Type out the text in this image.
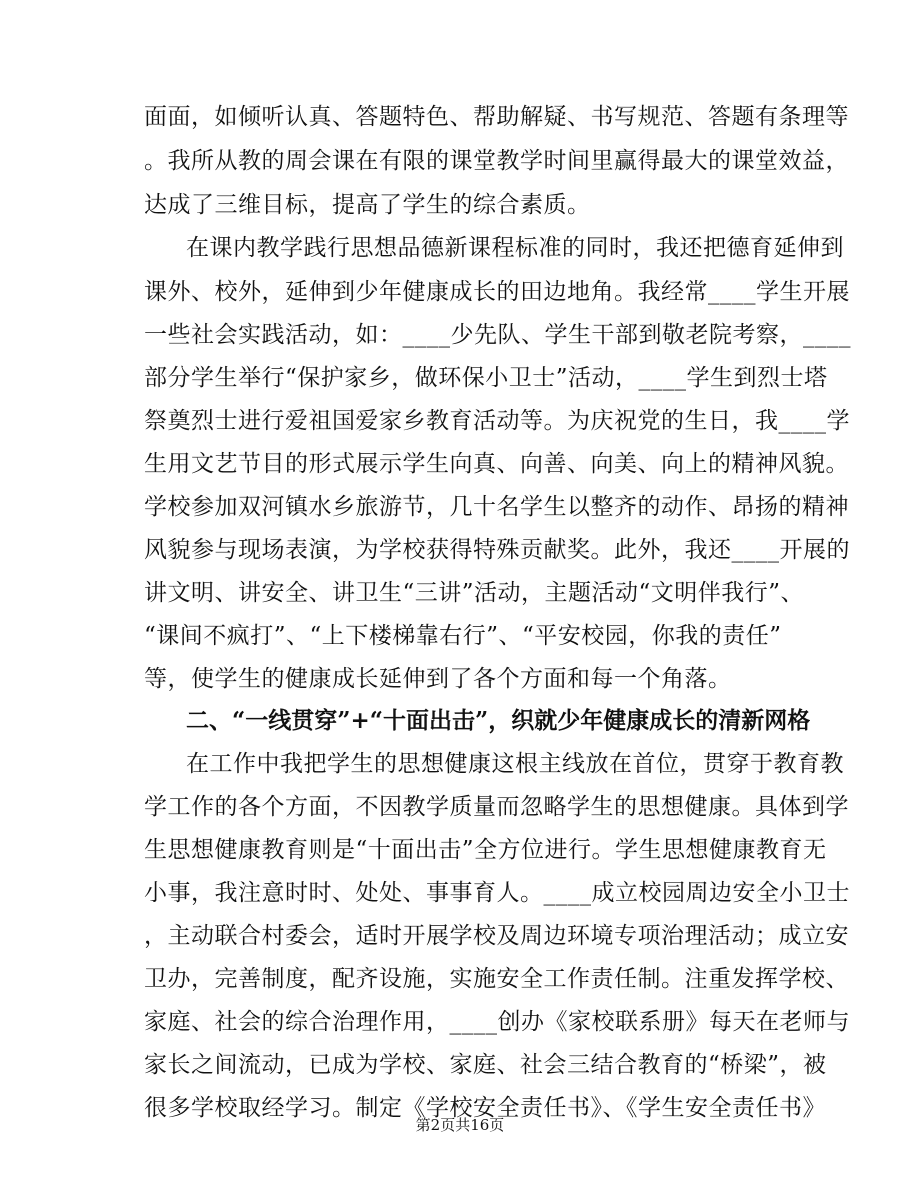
面面，如倾听认真、答题特色、帮助解疑、书写规范、答题有条理等
。我所从教的周会课在有限的课堂教学时间里赢得最大的课堂效益，
达成了三维目标，提高了学生的综合素质。
在课内教学践行思想品德新课程标准的同时，我还把德育延伸到
课外、校外，延伸到少年健康成长的田边地角。我经常____学生开展
一些社会实践活动，如：____少先队、学生干部到敬老院考察，____
部分学生举行“保护家乡，做环保小卫士”活动，____学生到烈士塔
祭奠烈士进行爱祖国爱家乡教育活动等。为庆祝党的生日，我____学
生用文艺节目的形式展示学生向真、向善、向美、向上的精神风貌。
学校参加双河镇水乡旅游节，几十名学生以整齐的动作、昂扬的精神
风貌参与现场表演，为学校获得特殊贡献奖。此外，我还____开展的
讲文明、讲安全、讲卫生“三讲”活动，主题活动“文明伴我行”、
“课间不疯打”、“上下楼梯靠右行”、“平安校园，你我的责任”
等，使学生的健康成长延伸到了各个方面和每一个角落。
二、“一线贯穿”+“十面出击”，织就少年健康成长的清新网格
在工作中我把学生的思想健康这根主线放在首位，贯穿于教育教
学工作的各个方面，不因教学质量而忽略学生的思想健康。具体到学
生思想健康教育则是“十面出击”全方位进行。学生思想健康教育无
小事，我注意时时、处处、事事育人。____成立校园周边安全小卫士
，主动联合村委会，适时开展学校及周边环境专项治理活动；成立安
卫办，完善制度，配齐设施，实施安全工作责任制。注重发挥学校、
家庭、社会的综合治理作用，____创办《家校联系册》每天在老师与
家长之间流动，已成为学校、家庭、社会三结合教育的“桥梁”，被
很多学校取经学习。制定《学校安全责任书》、《学生安全责任书》
第2页共16页
